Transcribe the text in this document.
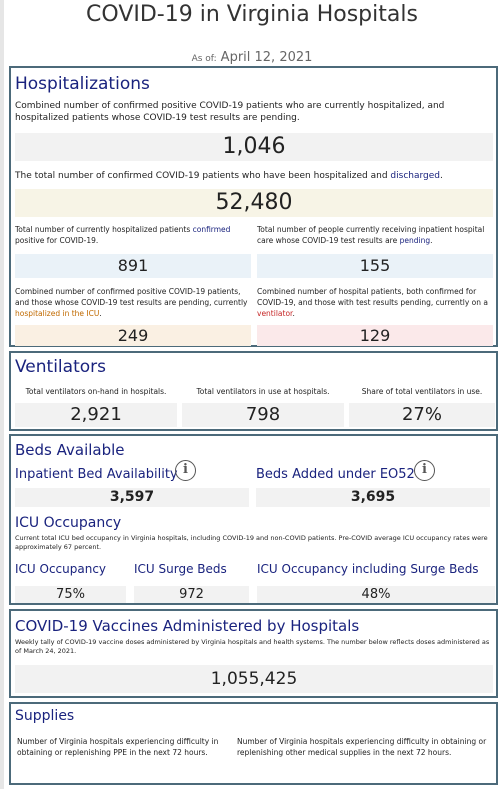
COVID-19 in Virginia Hospitals
As of: April 12, 2021
Hospitalizations
Combined number of confirmed positive COVID-19 patients who are currently hospitalized, and hospitalized patients whose COVID-19 test results are pending.
1,046
The total number of confirmed COVID-19 patients who have been hospitalized and discharged.
52,480
Total number of currently hospitalized patients confirmed positive for COVID-19.
891
Total number of people currently receiving inpatient hospital care whose COVID-19 test results are pending.
155
Combined number of confirmed positive COVID-19 patients, and those whose COVID-19 test results are pending, currently hospitalized in the ICU.
249
Combined number of hospital patients, both confirmed for COVID-19, and those with test results pending, currently on a ventilator.
129
Ventilators
Total ventilators on-hand in hospitals.
2,921
Total ventilators in use at hospitals.
798
Share of total ventilators in use.
27%
Beds Available
Inpatient Bed Availability i
3,597
Beds Added under EO52 i
3,695
ICU Occupancy
Current total ICU bed occupancy in Virginia hospitals, including COVID-19 and non-COVID patients. Pre-COVID average ICU occupancy rates were approximately 67 percent.
ICU Occupancy
75%
ICU Surge Beds
972
ICU Occupancy including Surge Beds
48%
COVID-19 Vaccines Administered by Hospitals
Weekly tally of COVID-19 vaccine doses administered by Virginia hospitals and health systems. The number below reflects doses administered as of March 24, 2021.
1,055,425
Supplies
Number of Virginia hospitals experiencing difficulty in obtaining or replenishing PPE in the next 72 hours.
Number of Virginia hospitals experiencing difficulty in obtaining or replenishing other medical supplies in the next 72 hours.
